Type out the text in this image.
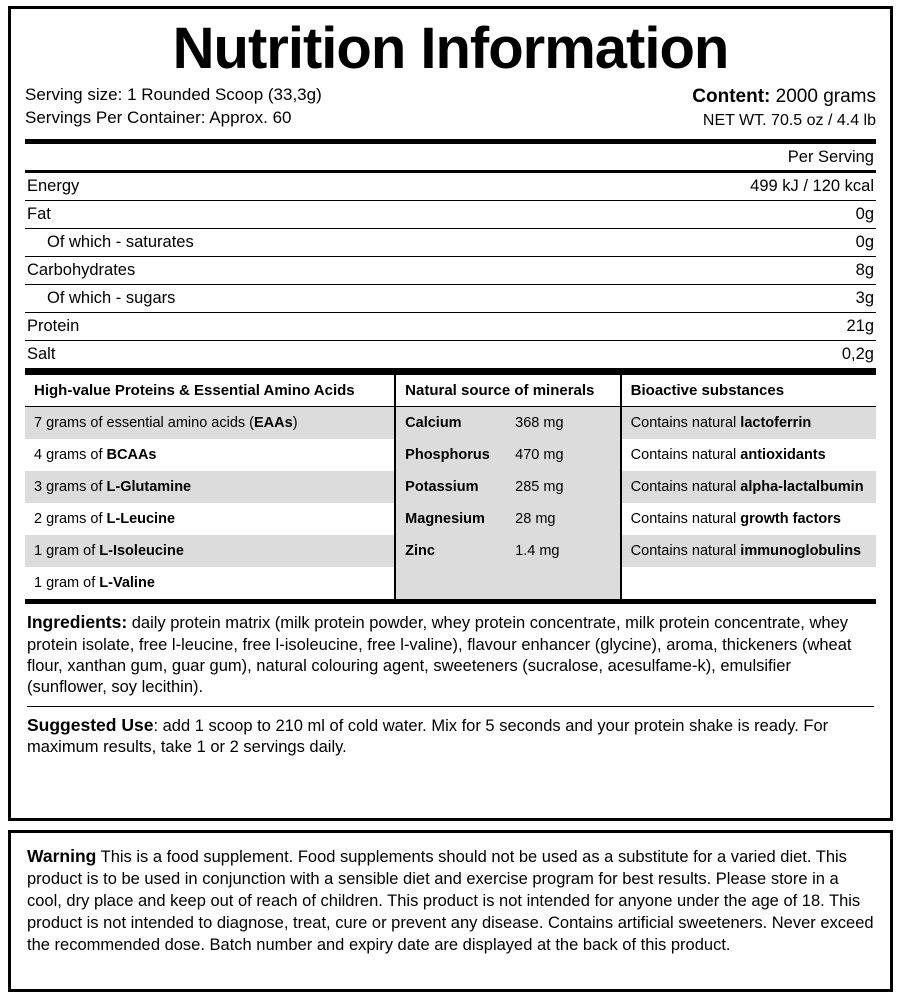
Nutrition Information
Serving size: 1 Rounded Scoop (33,3g)
Servings Per Container: Approx. 60
Content: 2000 grams
NET WT. 70.5 oz / 4.4 lb
Per Serving	
Energy	499 kJ / 120 kcal
Fat	0g
Of which - saturates	0g
Carbohydrates	8g
Of which - sugars	3g
Protein	21g
Salt	0,2g
High-value Proteins & Essential Amino Acids	Natural source of minerals	Bioactive substances
7 grams of essential amino acids (EAAs)	Calcium 368 mg	Contains natural lactoferrin
4 grams of BCAAs	Phosphorus 470 mg	Contains natural antioxidants
3 grams of L-Glutamine	Potassium 285 mg	Contains natural alpha-lactalbumin
2 grams of L-Leucine	Magnesium 28 mg	Contains natural growth factors
1 gram of L-Isoleucine	Zinc 1.4 mg	Contains natural immunoglobulins
1 gram of L-Valine		
Ingredients: daily protein matrix (milk protein powder, whey protein concentrate, milk protein concentrate, whey protein isolate, free l-leucine, free l-isoleucine, free l-valine), flavour enhancer (glycine), aroma, thickeners (wheat flour, xanthan gum, guar gum), natural colouring agent, sweeteners (sucralose, acesulfame-k), emulsifier (sunflower, soy lecithin).
Suggested Use: add 1 scoop to 210 ml of cold water. Mix for 5 seconds and your protein shake is ready. For maximum results, take 1 or 2 servings daily.
Warning This is a food supplement. Food supplements should not be used as a substitute for a varied diet. This product is to be used in conjunction with a sensible diet and exercise program for best results. Please store in a cool, dry place and keep out of reach of children. This product is not intended for anyone under the age of 18. This product is not intended to diagnose, treat, cure or prevent any disease. Contains artificial sweeteners. Never exceed the recommended dose. Batch number and expiry date are displayed at the back of this product.
